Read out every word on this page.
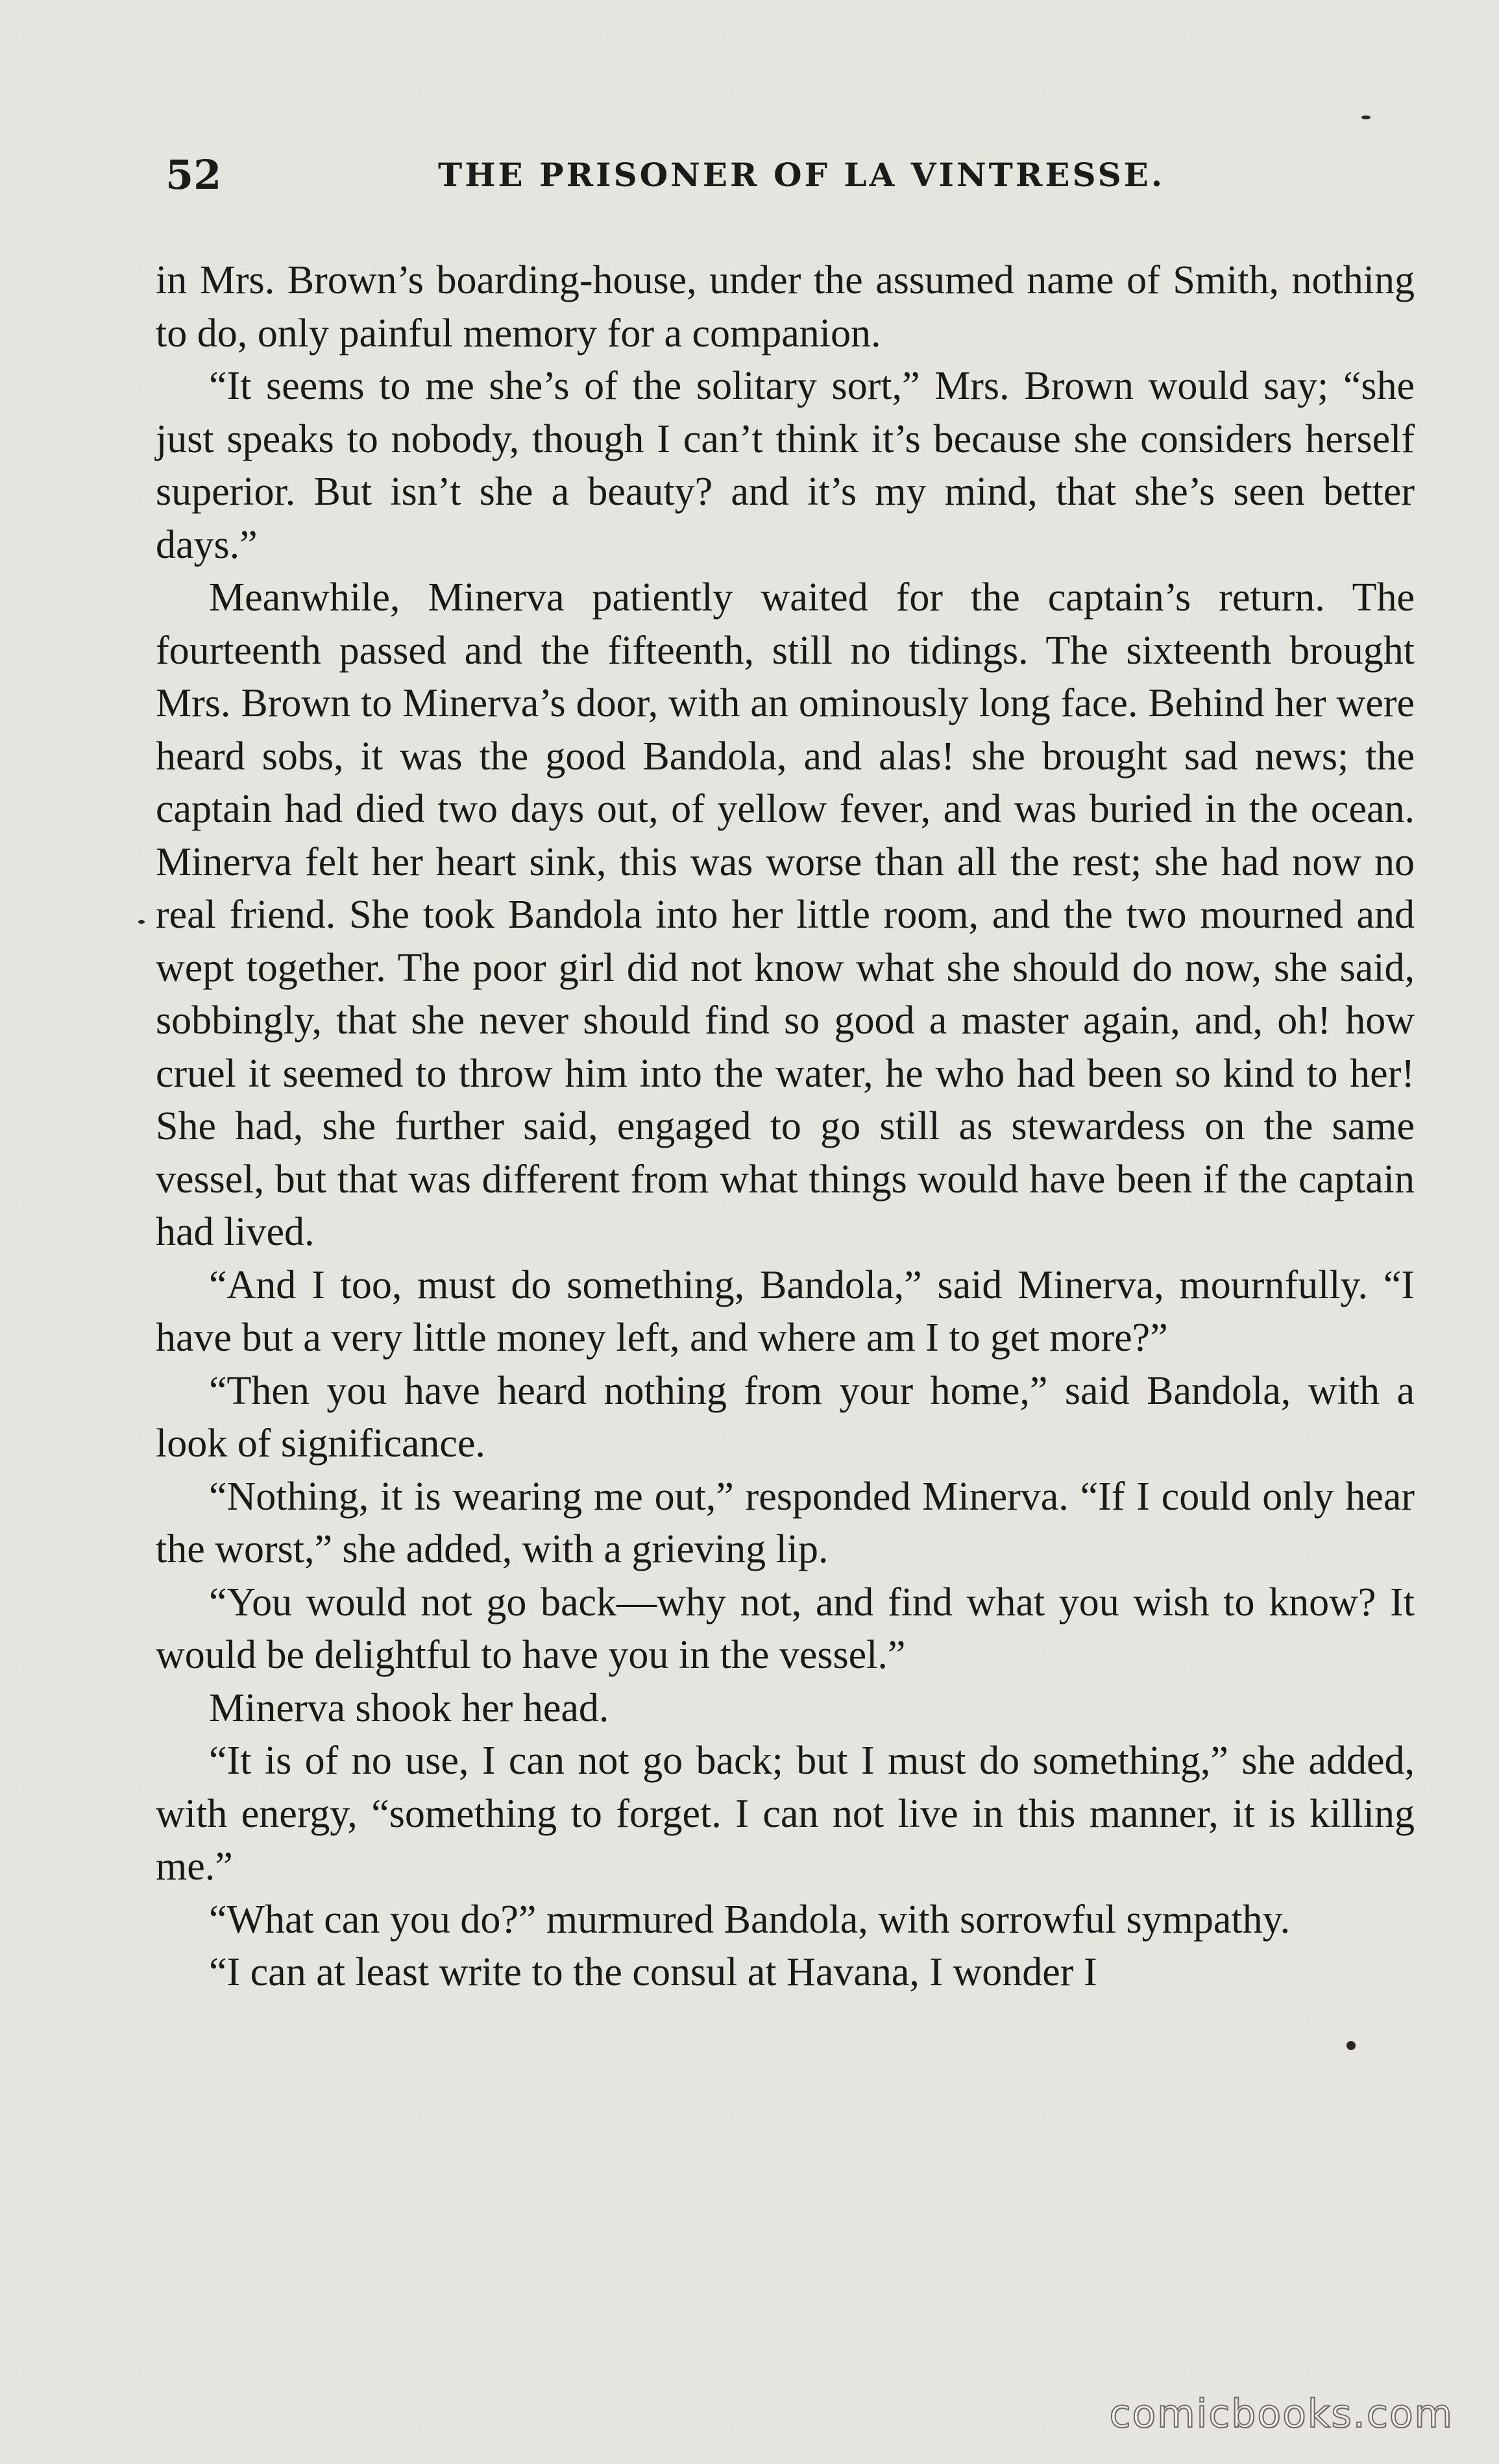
52	THE PRISONER OF LA VINTRESSE.

in Mrs. Brown’s boarding-house, under the assumed name of Smith, nothing to do, only painful memory for a companion.

“It seems to me she’s of the solitary sort,” Mrs. Brown would say; “she just speaks to nobody, though I can’t think it’s because she considers herself superior. But isn’t she a beauty? and it’s my mind, that she’s seen better days.”

Meanwhile, Minerva patiently waited for the captain’s return. The fourteenth passed and the fifteenth, still no tidings. The sixteenth brought Mrs. Brown to Minerva’s door, with an ominously long face. Behind her were heard sobs, it was the good Bandola, and alas! she brought sad news; the captain had died two days out, of yellow fever, and was buried in the ocean. Minerva felt her heart sink, this was worse than all the rest; she had now no real friend. She took Bandola into her little room, and the two mourned and wept together. The poor girl did not know what she should do now, she said, sobbingly, that she never should find so good a master again, and, oh! how cruel it seemed to throw him into the water, he who had been so kind to her! She had, she further said, engaged to go still as stewardess on the same vessel, but that was different from what things would have been if the captain had lived.

“And I too, must do something, Bandola,” said Minerva, mournfully. “I have but a very little money left, and where am I to get more?”

“Then you have heard nothing from your home,” said Bandola, with a look of significance.

“Nothing, it is wearing me out,” responded Minerva. “If I could only hear the worst,” she added, with a grieving lip.

“You would not go back—why not, and find what you wish to know? It would be delightful to have you in the vessel.”

Minerva shook her head.

“It is of no use, I can not go back; but I must do something,” she added, with energy, “something to forget. I can not live in this manner, it is killing me.”

“What can you do?” murmured Bandola, with sorrowful sympathy.

“I can at least write to the consul at Havana, I wonder I

comicbooks.com
